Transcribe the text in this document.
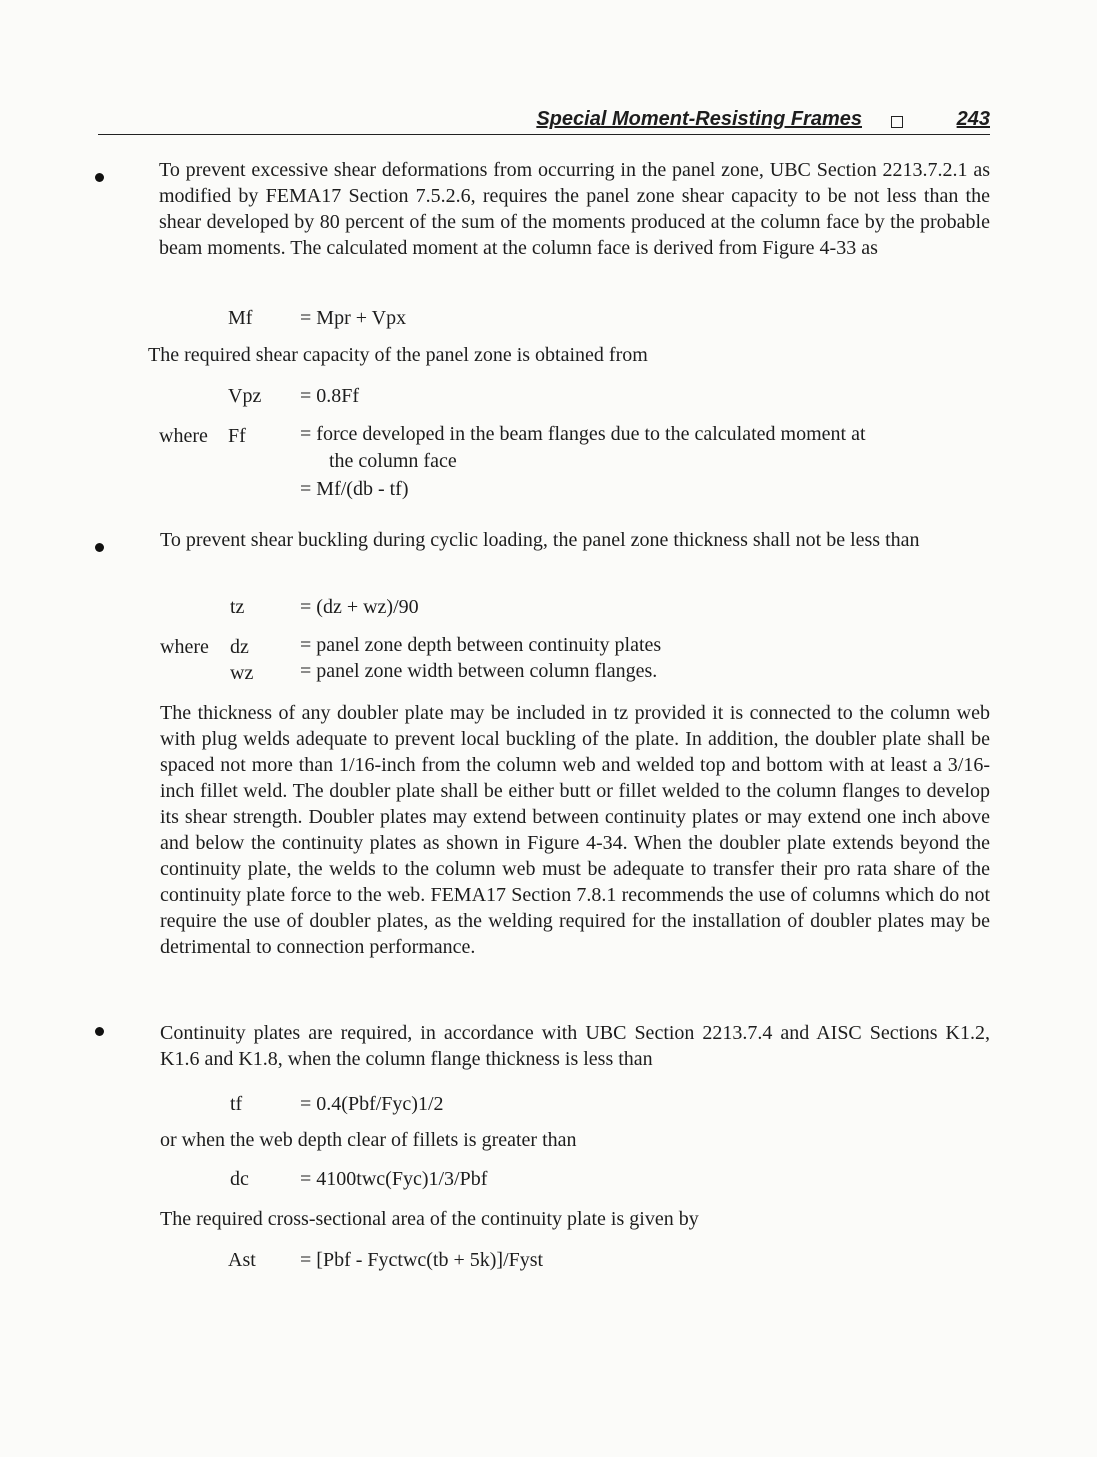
Special Moment-Resisting Frames	243
To prevent excessive shear deformations from occurring in the panel zone, UBC Section 2213.7.2.1 as modified by FEMA17 Section 7.5.2.6, requires the panel zone shear capacity to be not less than the shear developed by 80 percent of the sum of the moments produced at the column face by the probable beam moments. The calculated moment at the column face is derived from Figure 4-33 as
Mf = Mpr + Vpx
The required shear capacity of the panel zone is obtained from
Vpz = 0.8Ff
where Ff	= force developed in the beam flanges due to the calculated moment at
the column face
= Mf/(db - tf)
To prevent shear buckling during cyclic loading, the panel zone thickness shall not be less than
tz	= (dz + wz)/90
where dz	= panel zone depth between continuity plates
wz = panel zone width between column flanges.
The thickness of any doubler plate may be included in tz provided it is connected to the column web with plug welds adequate to prevent local buckling of the plate. In addition, the doubler plate shall be spaced not more than 1/16-inch from the column web and welded top and bottom with at least a 3/16-inch fillet weld. The doubler plate shall be either butt or fillet welded to the column flanges to develop its shear strength. Doubler plates may extend between continuity plates or may extend one inch above and below the continuity plates as shown in Figure 4-34. When the doubler plate extends beyond the continuity plate, the welds to the column web must be adequate to transfer their pro rata share of the continuity plate force to the web. FEMA17 Section 7.8.1 recommends the use of columns which do not require the use of doubler plates, as the welding required for the installation of doubler plates may be detrimental to connection performance.
Continuity plates are required, in accordance with UBC Section 2213.7.4 and AISC Sections K1.2, K1.6 and K1.8, when the column flange thickness is less than
tf	= 0.4(Pbf/Fyc)1/2
or when the web depth clear of fillets is greater than
dc	= 4100twc(Fyc)1/3/Pbf
The required cross-sectional area of the continuity plate is given by
Ast = [Pbf - Fyctwc(tb + 5k)]/Fyst
